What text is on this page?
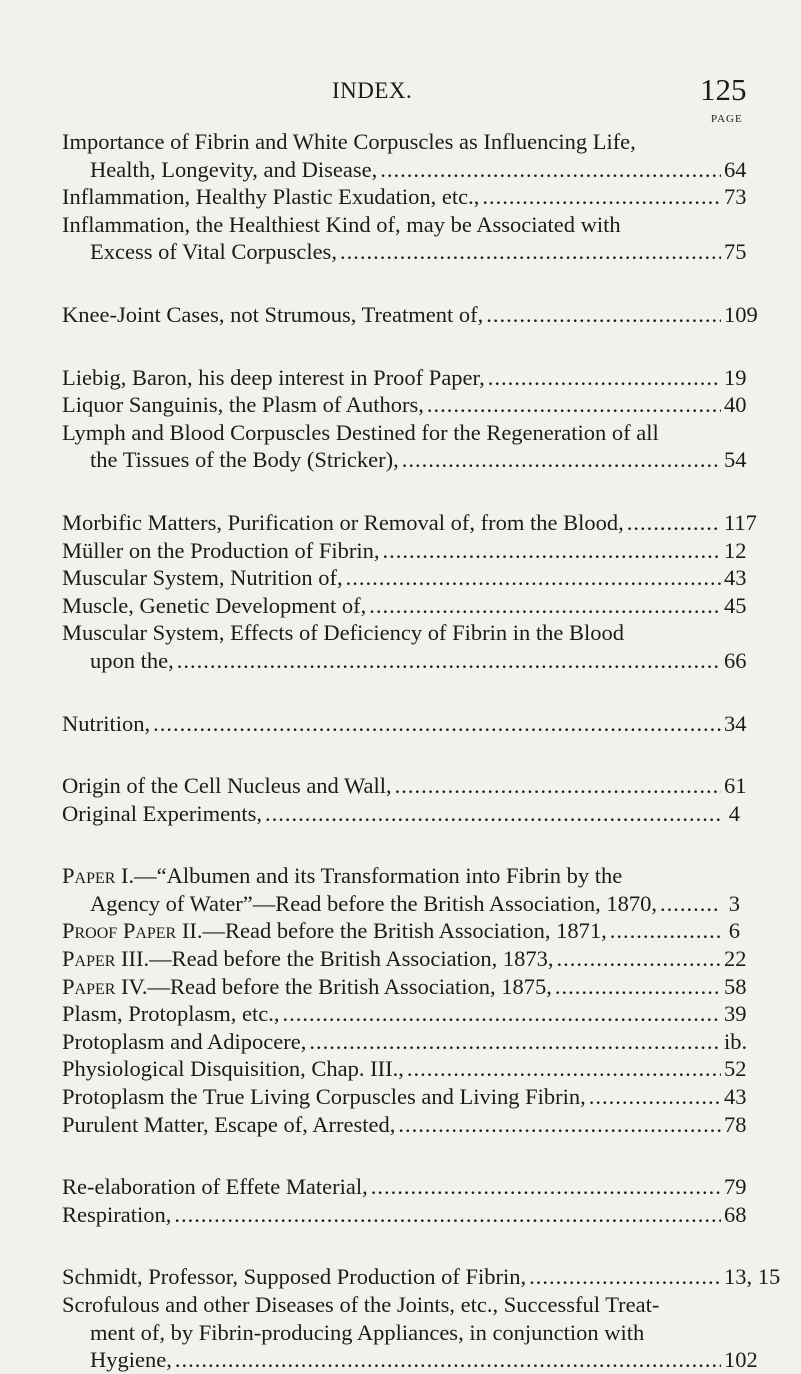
INDEX.	125
PAGE
Importance of Fibrin and White Corpuscles as Influencing Life,
Health, Longevity, and Disease, .....	64
Inflammation, Healthy Plastic Exudation, etc., .....	73
Inflammation, the Healthiest Kind of, may be Associated with
Excess of Vital Corpuscles, .....	75
Knee-Joint Cases, not Strumous, Treatment of, .....	109
Liebig, Baron, his deep interest in Proof Paper, .....	19
Liquor Sanguinis, the Plasm of Authors, .....	40
Lymph and Blood Corpuscles Destined for the Regeneration of all
the Tissues of the Body (Stricker), .....	54
Morbific Matters, Purification or Removal of, from the Blood, .....	117
Müller on the Production of Fibrin, .....	12
Muscular System, Nutrition of, .....	43
Muscle, Genetic Development of, .....	45
Muscular System, Effects of Deficiency of Fibrin in the Blood
upon the, .....	66
Nutrition, .....	34
Origin of the Cell Nucleus and Wall, .....	61
Original Experiments, .....	4
Paper I.—“Albumen and its Transformation into Fibrin by the
Agency of Water”—Read before the British Association, 1870, .....	3
Proof Paper II.—Read before the British Association, 1871, .....	6
Paper III.—Read before the British Association, 1873, .....	22
Paper IV.—Read before the British Association, 1875, .....	58
Plasm, Protoplasm, etc., .....	39
Protoplasm and Adipocere, .....	ib.
Physiological Disquisition, Chap. III., .....	52
Protoplasm the True Living Corpuscles and Living Fibrin, .....	43
Purulent Matter, Escape of, Arrested, .....	78
Re-elaboration of Effete Material, .....	79
Respiration, .....	68
Schmidt, Professor, Supposed Production of Fibrin, .....	13, 15
Scrofulous and other Diseases of the Joints, etc., Successful Treat-
ment of, by Fibrin-producing Appliances, in conjunction with
Hygiene, .....	102
